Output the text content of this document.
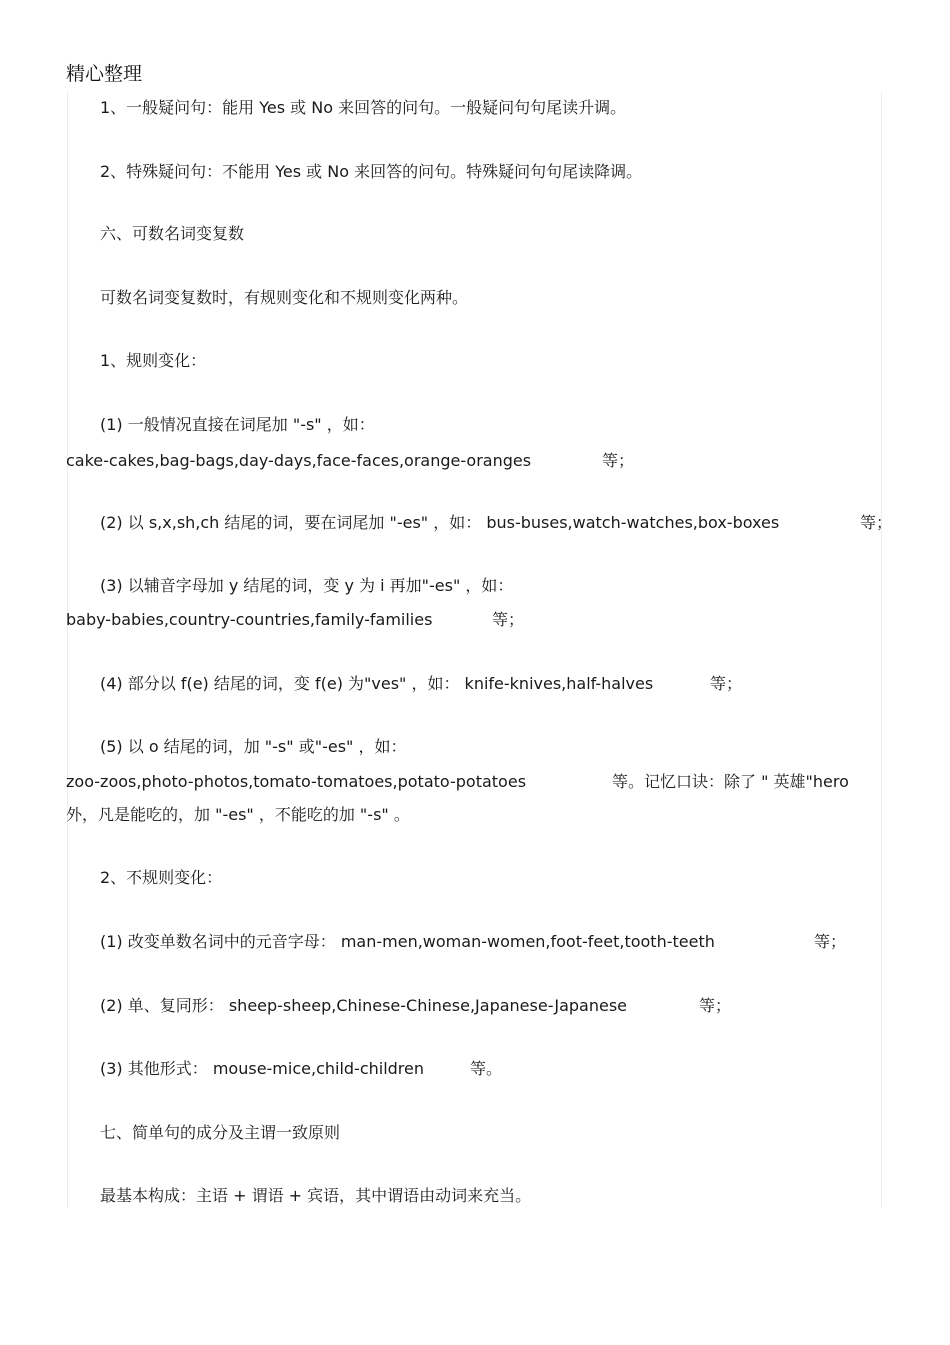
精心整理
1、一般疑问句：能用 Yes 或 No 来回答的问句。一般疑问句句尾读升调。
2、特殊疑问句：不能用 Yes 或 No 来回答的问句。特殊疑问句句尾读降调。
六、可数名词变复数
可数名词变复数时，有规则变化和不规则变化两种。
1、规则变化：
(1) 一般情况直接在词尾加 "-s" ，如：
cake-cakes,bag-bags,day-days,face-faces,orange-oranges	等；
(2) 以 s,x,sh,ch 结尾的词，要在词尾加 "-es" ，如： bus-buses,watch-watches,box-boxes	等；
(3) 以辅音字母加 y 结尾的词，变 y 为 i 再加"-es" ，如：
baby-babies,country-countries,family-families	等；
(4) 部分以 f(e) 结尾的词，变 f(e) 为"ves" ，如： knife-knives,half-halves	等；
(5) 以 o 结尾的词，加 "-s" 或"-es" ，如：
zoo-zoos,photo-photos,tomato-tomatoes,potato-potatoes	等。记忆口诀：除了 " 英雄"hero
外，凡是能吃的，加 "-es" ，不能吃的加 "-s" 。
2、不规则变化：
(1) 改变单数名词中的元音字母： man-men,woman-women,foot-feet,tooth-teeth	等；
(2) 单、复同形： sheep-sheep,Chinese-Chinese,Japanese-Japanese	等；
(3) 其他形式： mouse-mice,child-children	等。
七、简单句的成分及主谓一致原则
最基本构成：主语 + 谓语 + 宾语，其中谓语由动词来充当。
